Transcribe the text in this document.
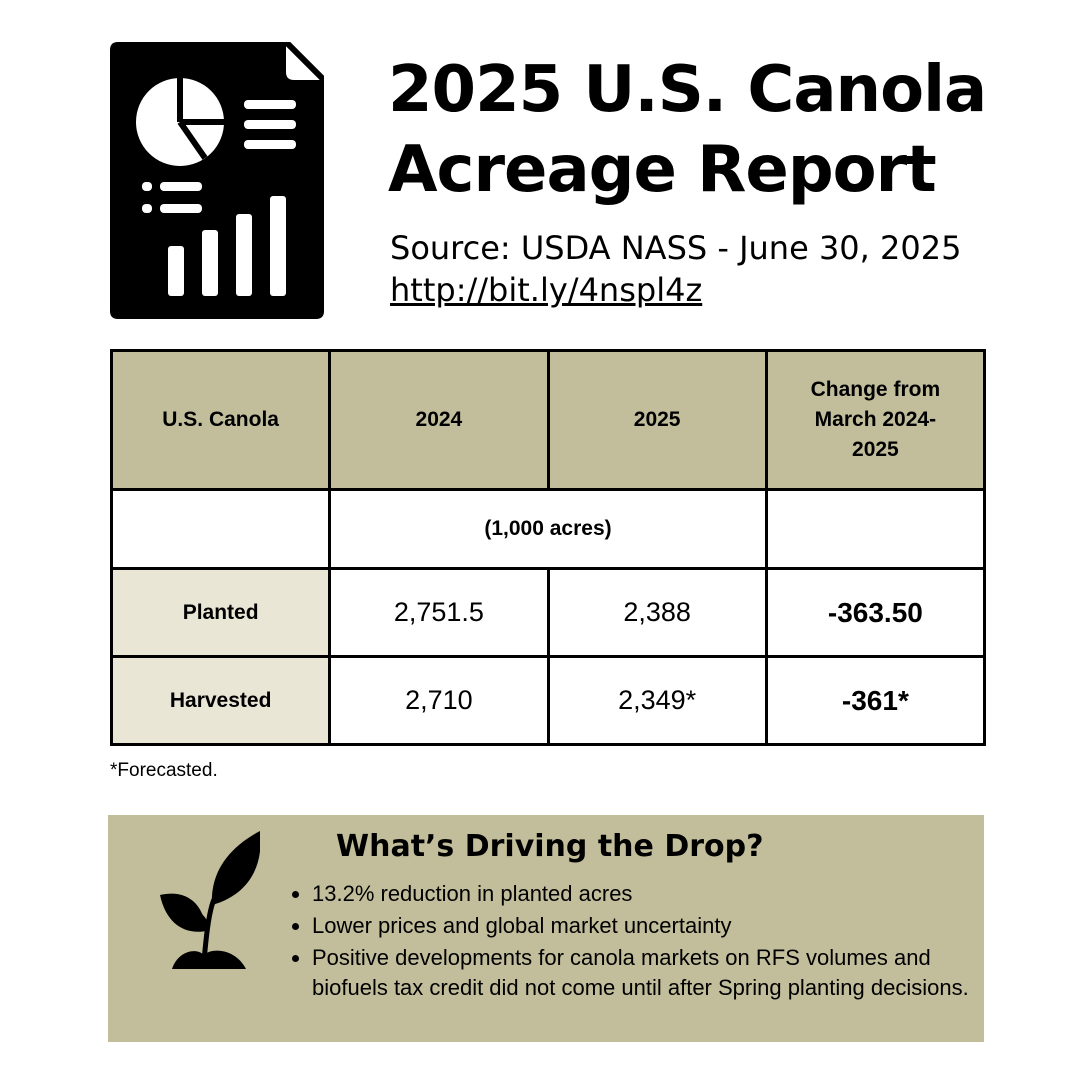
2025 U.S. Canola Acreage Report

Source: USDA NASS - June 30, 2025

http://bit.ly/4nspl4z
U.S. Canola	2024	2025	Change from March 2024-2025

	(1,000 acres)		
Planted	2,751.5	2,388	-363.50
Harvested	2,710	2,349*	-361*

*Forecasted.

What’s Driving the Drop?
• 13.2% reduction in planted acres
• Lower prices and global market uncertainty
• Positive developments for canola markets on RFS volumes and biofuels tax credit did not come until after Spring planting decisions.
